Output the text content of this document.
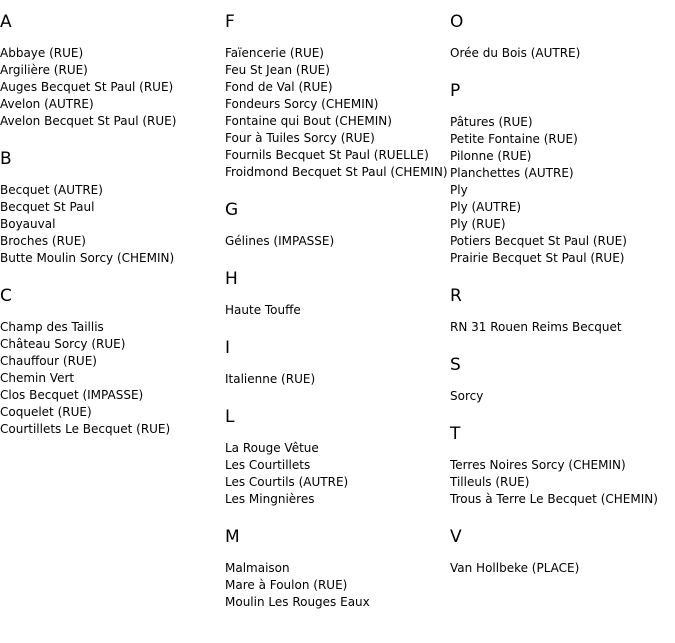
A
Abbaye (RUE)
Argilière (RUE)
Auges Becquet St Paul (RUE)
Avelon (AUTRE)
Avelon Becquet St Paul (RUE)
B
Becquet (AUTRE)
Becquet St Paul
Boyauval
Broches (RUE)
Butte Moulin Sorcy (CHEMIN)
C
Champ des Taillis
Château Sorcy (RUE)
Chauffour (RUE)
Chemin Vert
Clos Becquet (IMPASSE)
Coquelet (RUE)
Courtillets Le Becquet (RUE)
F
Faïencerie (RUE)
Feu St Jean (RUE)
Fond de Val (RUE)
Fondeurs Sorcy (CHEMIN)
Fontaine qui Bout (CHEMIN)
Four à Tuiles Sorcy (RUE)
Fournils Becquet St Paul (RUELLE)
Froidmond Becquet St Paul (CHEMIN)
G
Gélines (IMPASSE)
H
Haute Touffe
I
Italienne (RUE)
L
La Rouge Vêtue
Les Courtillets
Les Courtils (AUTRE)
Les Mingnières
M
Malmaison
Mare à Foulon (RUE)
Moulin Les Rouges Eaux
O
Orée du Bois (AUTRE)
P
Pâtures (RUE)
Petite Fontaine (RUE)
Pilonne (RUE)
Planchettes (AUTRE)
Ply
Ply (AUTRE)
Ply (RUE)
Potiers Becquet St Paul (RUE)
Prairie Becquet St Paul (RUE)
R
RN 31 Rouen Reims Becquet
S
Sorcy
T
Terres Noires Sorcy (CHEMIN)
Tilleuls (RUE)
Trous à Terre Le Becquet (CHEMIN)
V
Van Hollbeke (PLACE)
